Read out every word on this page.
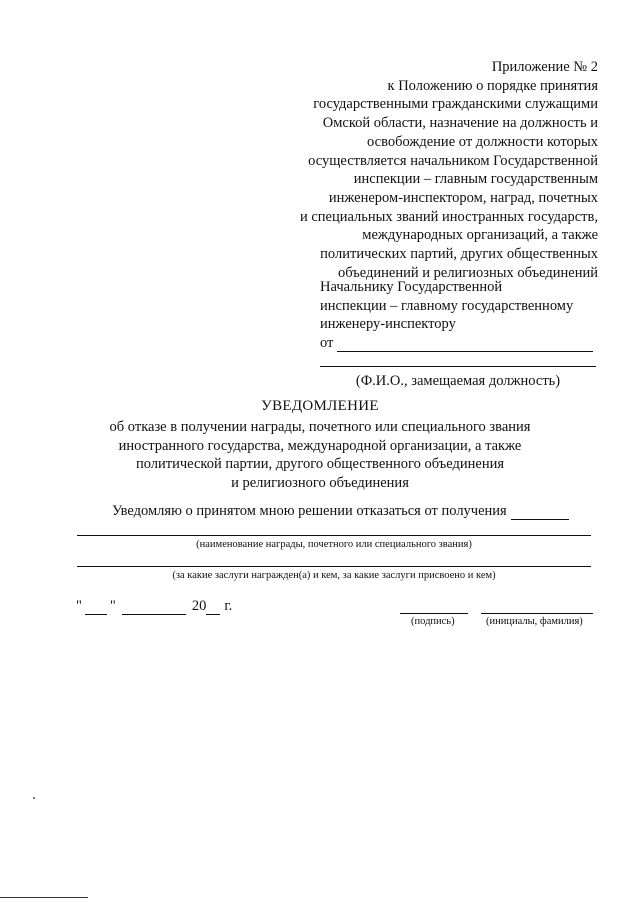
Приложение № 2
к Положению о порядке принятия
государственными гражданскими служащими
Омской области, назначение на должность и
освобождение от должности которых
осуществляется начальником Государственной
инспекции – главным государственным
инженером-инспектором, наград, почетных
и специальных званий иностранных государств,
международных организаций, а также
политических партий, других общественных
объединений и религиозных объединений
Начальнику Государственной
инспекции – главному государственному
инженеру-инспектору
от
(Ф.И.О., замещаемая должность)
УВЕДОМЛЕНИЕ
об отказе в получении награды, почетного или специального звания
иностранного государства, международной организации, а также
политической партии, другого общественного объединения
и религиозного объединения
Уведомляю о принятом мною решении отказаться от получения
(наименование награды, почетного или специального звания)
(за какие заслуги награжден(а) и кем, за какие заслуги присвоено и кем)
" "	20 г.
(подпись)	(инициалы, фамилия)
